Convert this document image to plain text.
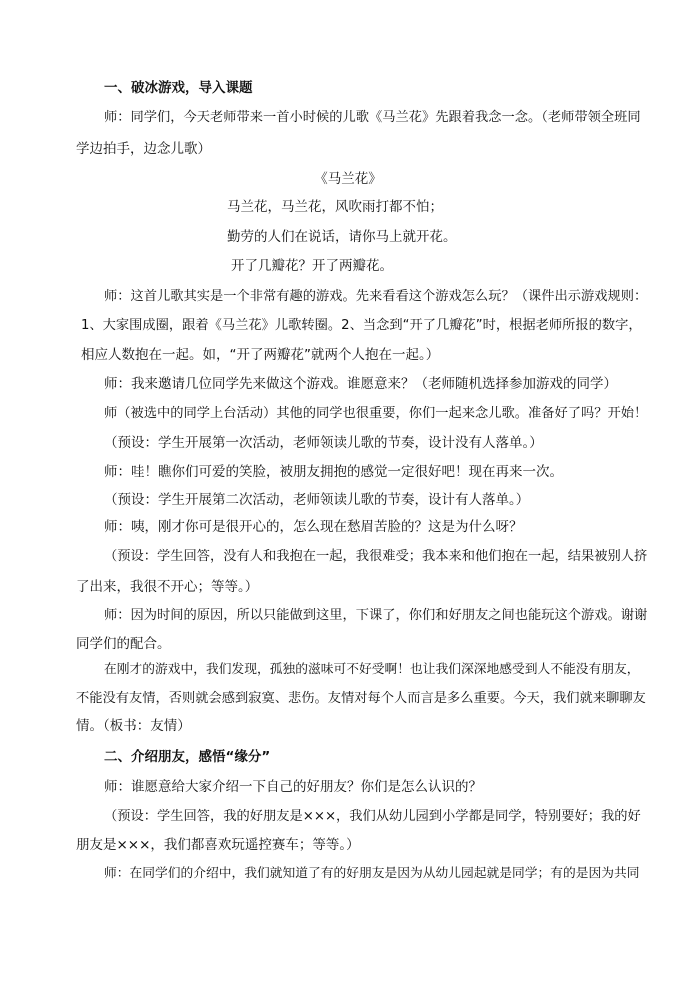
一、破冰游戏，导入课题
师：同学们，今天老师带来一首小时候的儿歌《马兰花》先跟着我念一念。（老师带领全班同
学边拍手，边念儿歌）
《马兰花》
马兰花，马兰花，风吹雨打都不怕；
勤劳的人们在说话，请你马上就开花。
开了几瓣花？开了两瓣花。
师：这首儿歌其实是一个非常有趣的游戏。先来看看这个游戏怎么玩？（课件出示游戏规则：
1、大家围成圈，跟着《马兰花》儿歌转圈。2、当念到“开了几瓣花”时，根据老师所报的数字，
相应人数抱在一起。如，“开了两瓣花”就两个人抱在一起。）
师：我来邀请几位同学先来做这个游戏。谁愿意来？（老师随机选择参加游戏的同学）
师（被选中的同学上台活动）其他的同学也很重要，你们一起来念儿歌。准备好了吗？开始！
（预设：学生开展第一次活动，老师领读儿歌的节奏，设计没有人落单。）
师：哇！瞧你们可爱的笑脸，被朋友拥抱的感觉一定很好吧！现在再来一次。
（预设：学生开展第二次活动，老师领读儿歌的节奏，设计有人落单。）
师：咦，刚才你可是很开心的，怎么现在愁眉苦脸的？这是为什么呀？
（预设：学生回答，没有人和我抱在一起，我很难受；我本来和他们抱在一起，结果被别人挤
了出来，我很不开心；等等。）
师：因为时间的原因，所以只能做到这里，下课了，你们和好朋友之间也能玩这个游戏。谢谢
同学们的配合。
在刚才的游戏中，我们发现，孤独的滋味可不好受啊！也让我们深深地感受到人不能没有朋友，
不能没有友情，否则就会感到寂寞、悲伤。友情对每个人而言是多么重要。今天，我们就来聊聊友
情。（板书：友情）
二、介绍朋友，感悟“缘分”
师：谁愿意给大家介绍一下自己的好朋友？你们是怎么认识的？
（预设：学生回答，我的好朋友是×××，我们从幼儿园到小学都是同学，特别要好；我的好
朋友是×××，我们都喜欢玩遥控赛车；等等。）
师：在同学们的介绍中，我们就知道了有的好朋友是因为从幼儿园起就是同学；有的是因为共同
